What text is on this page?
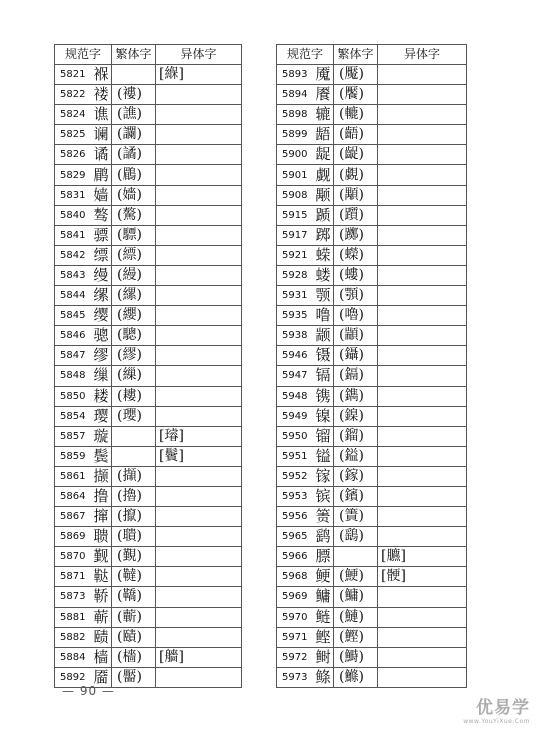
规范字		繁体字	异体字
5821	褓		[緥]
5822	褛	(褸)	
5824	谯	(譙)	
5825	谰	(讕)	
5826	谲	(譎)	
5829	鹛	(鶥)	
5831	嫱	(嬙)	
5840	骜	(驁)	
5841	骠	(驃)	
5842	缥	(縹)	
5843	缦	(縵)	
5844	缧	(縲)	
5845	缨	(纓)	
5846	骢	(驄)	
5847	缪	(繆)	
5848	缫	(繅)	
5850	耧	(耬)	
5854	璎	(瓔)	
5857	璇		[璿]
5859	鬓		[鬢]
5861	撷	(擷)	
5864	撸	(擼)	
5867	撺	(攛)	
5869	聩	(聵)	
5870	觐	(覲)	
5871	鞑	(韃)	
5873	鞒	(鞽)	
5881	蕲	(蘄)	
5882	赜	(賾)	
5884	樯	(檣)	[艢]
5892	靥	(靨)	
规范字		繁体字	异体字
5893	魇	(魘)	
5894	餍	(饜)	
5898	辘	(轆)	
5899	龉	(齬)	
5900	龊	(齪)	
5901	觑	(覷)	
5908	颙	(顒)	
5915	踬	(躓)	
5917	踯	(躑)	
5921	蝾	(蠑)	
5928	蝼	(螻)	
5931	颚	(顎)	
5935	噜	(嚕)	
5938	颛	(顓)	
5946	镊	(鑷)	
5947	镉	(鎘)	
5948	镌	(鐫)	
5949	镍	(鎳)	
5950	镏	(鎦)	
5951	镒	(鎰)	
5952	镓	(鎵)	
5953	镔	(鑌)	
5956	箦	(簀)	
5965	鹞	(鷂)	
5966	膘		[臕]
5968	鲠	(鯁)	[骾]
5969	鳙	(鱅)	
5970	鲢	(鰱)	
5971	鲣	(鰹)	
5972	鲥	(鰣)	
5973	鲦	(鰷)	
— 90 —
优易学
www.YouYiXue.Com
